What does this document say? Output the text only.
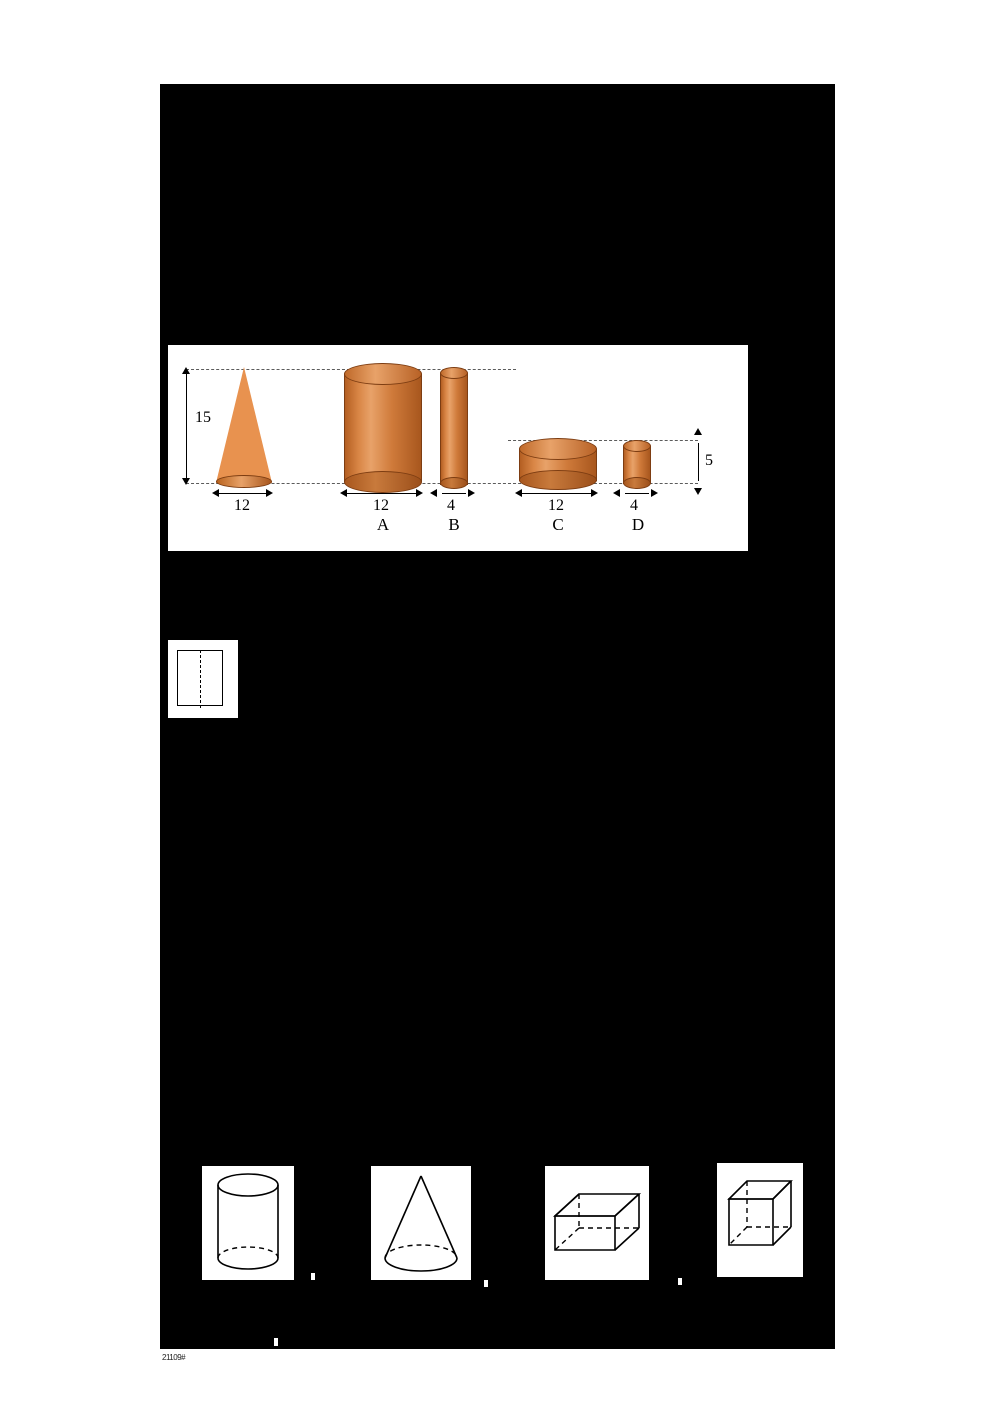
15
12	12
A
4
B
12
C
4
D
5
21109#
